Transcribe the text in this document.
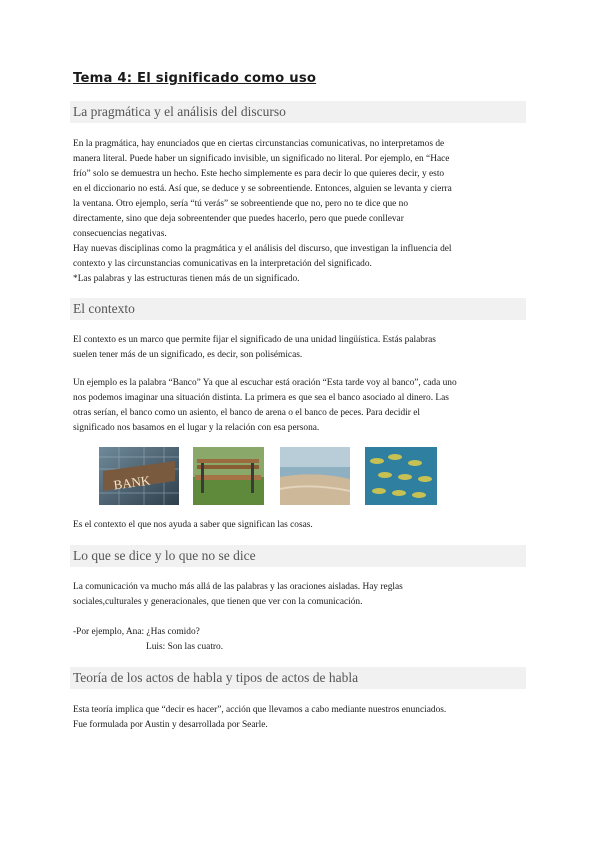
Tema 4: El significado como uso
La pragmática y el análisis del discurso
En la pragmática, hay enunciados que en ciertas circunstancias comunicativas, no interpretamos de
manera literal. Puede haber un significado invisible, un significado no literal. Por ejemplo, en “Hace
frío” solo se demuestra un hecho. Este hecho simplemente es para decir lo que quieres decir, y esto
en el diccionario no está. Así que, se deduce y se sobreentiende. Entonces, alguien se levanta y cierra
la ventana. Otro ejemplo, sería “tú verás” se sobreentiende que no, pero no te dice que no
directamente, sino que deja sobreentender que puedes hacerlo, pero que puede conllevar
consecuencias negativas.
Hay nuevas disciplinas como la pragmática y el análisis del discurso, que investigan la influencia del
contexto y las circunstancias comunicativas en la interpretación del significado.
*Las palabras y las estructuras tienen más de un significado.
El contexto
El contexto es un marco que permite fijar el significado de una unidad lingüística. Estás palabras
suelen tener más de un significado, es decir, son polisémicas.
Un ejemplo es la palabra “Banco” Ya que al escuchar está oración “Esta tarde voy al banco”, cada uno
nos podemos imaginar una situación distinta. La primera es que sea el banco asociado al dinero. Las
otras serían, el banco como un asiento, el banco de arena o el banco de peces. Para decidir el
significado nos basamos en el lugar y la relación con esa persona.
BANK
Es el contexto el que nos ayuda a saber que significan las cosas.
Lo que se dice y lo que no se dice
La comunicación va mucho más allá de las palabras y las oraciones aisladas. Hay reglas
sociales,culturales y generacionales, que tienen que ver con la comunicación.
-Por ejemplo, Ana: ¿Has comido?
Luis: Son las cuatro.
Teoría de los actos de habla y tipos de actos de habla
Esta teoría implica que “decir es hacer”, acción que llevamos a cabo mediante nuestros enunciados.
Fue formulada por Austin y desarrollada por Searle.
